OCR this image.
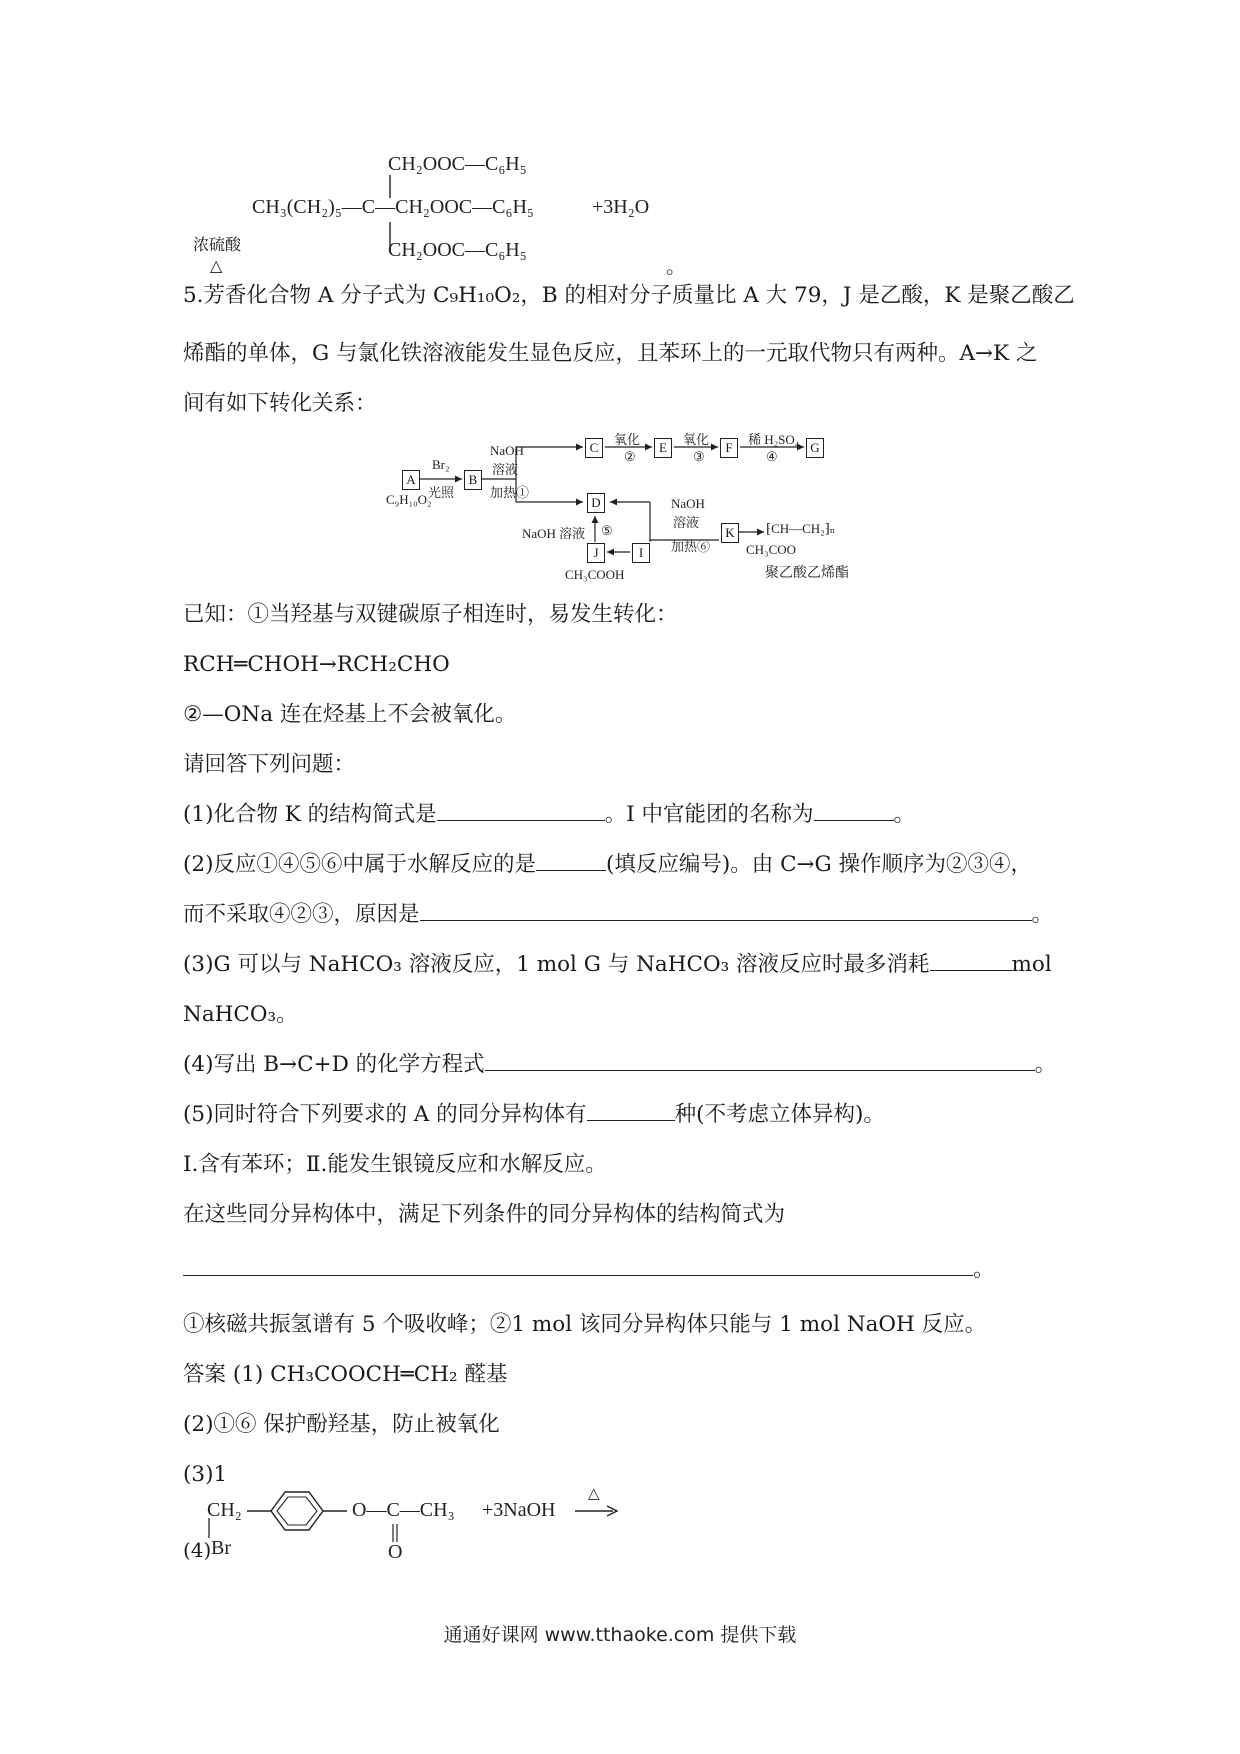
CH₂OOC—C₆H₅
CH₃(CH₂)₅—C—CH₂OOC—C₆H₅	+3H₂O
CH₂OOC—C₆H₅
浓硫酸
△	。
5.芳香化合物 A 分子式为 C₉H₁₀O₂，B 的相对分子质量比 A 大 79，J 是乙酸，K 是聚乙酸乙
烯酯的单体，G 与氯化铁溶液能发生显色反应，且苯环上的一元取代物只有两种。A→K 之
间有如下转化关系：
A
C₉H₁₀O₂
Br₂
光照
B
NaOH
溶液
加热①
C
氧化
②
E
氧化
③
F
稀 H₂SO₄
④
G
D
NaOH 溶液 ⑤
J
CH₃COOH
I
NaOH
溶液
加热⑥
K	⁅CH—CH₂⁆ₙ
CH₃COO
聚乙酸乙烯酯
已知：①当羟基与双键碳原子相连时，易发生转化：
RCH═CHOH→RCH₂CHO
②—ONa 连在烃基上不会被氧化。
请回答下列问题：
(1)化合物 K 的结构简式是	。I 中官能团的名称为	。
(2)反应①④⑤⑥中属于水解反应的是	(填反应编号)。由 C→G 操作顺序为②③④，
而不采取④②③，原因是	。
(3)G 可以与 NaHCO₃ 溶液反应，1 mol G 与 NaHCO₃ 溶液反应时最多消耗	mol
NaHCO₃。
(4)写出 B→C+D 的化学方程式	。
(5)同时符合下列要求的 A 的同分异构体有	种(不考虑立体异构)。
Ⅰ.含有苯环；Ⅱ.能发生银镜反应和水解反应。
在这些同分异构体中，满足下列条件的同分异构体的结构简式为
。
①核磁共振氢谱有 5 个吸收峰；②1 mol 该同分异构体只能与 1 mol NaOH 反应。
答案 (1) CH₃COOCH═CH₂ 醛基
(2)①⑥ 保护酚羟基，防止被氧化
(3)1
CH₂
(4) Br
O—C—CH₃
O
+3NaOH
△
通通好课网 www.tthaoke.com 提供下载
